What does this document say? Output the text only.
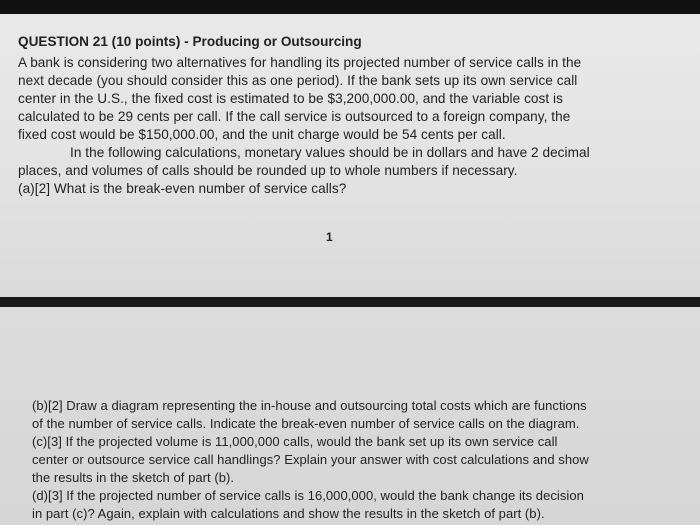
QUESTION 21 (10 points) - Producing or Outsourcing
A bank is considering two alternatives for handling its projected number of service calls in the
next decade (you should consider this as one period). If the bank sets up its own service call
center in the U.S., the fixed cost is estimated to be $3,200,000.00, and the variable cost is
calculated to be 29 cents per call. If the call service is outsourced to a foreign company, the
fixed cost would be $150,000.00, and the unit charge would be 54 cents per call.
In the following calculations, monetary values should be in dollars and have 2 decimal
places, and volumes of calls should be rounded up to whole numbers if necessary.
(a)[2] What is the break-even number of service calls?
1
(b)[2] Draw a diagram representing the in-house and outsourcing total costs which are functions
of the number of service calls. Indicate the break-even number of service calls on the diagram.
(c)[3] If the projected volume is 11,000,000 calls, would the bank set up its own service call
center or outsource service call handlings? Explain your answer with cost calculations and show
the results in the sketch of part (b).
(d)[3] If the projected number of service calls is 16,000,000, would the bank change its decision
in part (c)? Again, explain with calculations and show the results in the sketch of part (b).
